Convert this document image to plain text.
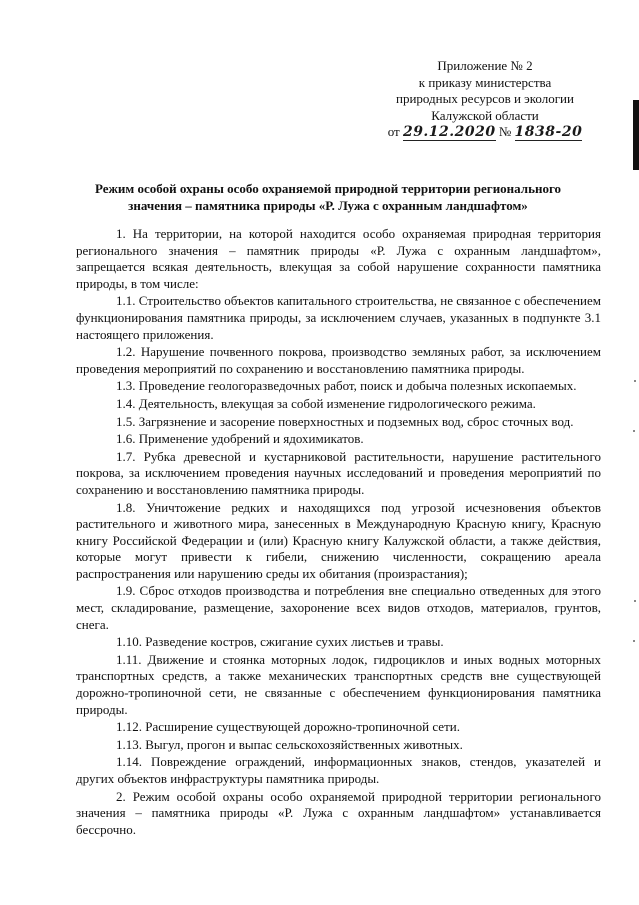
Приложение № 2
к приказу министерства
природных ресурсов и экологии
Калужской области
от 29.12.2020 № 1838-20
Режим особой охраны особо охраняемой природной территории регионального
значения – памятника природы «Р. Лужа с охранным ландшафтом»

1. На территории, на которой находится особо охраняемая природная территория регионального значения – памятник природы «Р. Лужа с охранным ландшафтом», запрещается всякая деятельность, влекущая за собой нарушение сохранности памятника природы, в том числе:

1.1. Строительство объектов капитального строительства, не связанное с обеспечением функционирования памятника природы, за исключением случаев, указанных в подпункте 3.1 настоящего приложения.

1.2. Нарушение почвенного покрова, производство земляных работ, за исключением проведения мероприятий по сохранению и восстановлению памятника природы.

1.3. Проведение геологоразведочных работ, поиск и добыча полезных ископаемых.

1.4. Деятельность, влекущая за собой изменение гидрологического режима.

1.5. Загрязнение и засорение поверхностных и подземных вод, сброс сточных вод.

1.6. Применение удобрений и ядохимикатов.

1.7. Рубка древесной и кустарниковой растительности, нарушение растительного покрова, за исключением проведения научных исследований и проведения мероприятий по сохранению и восстановлению памятника природы.

1.8. Уничтожение редких и находящихся под угрозой исчезновения объектов растительного и животного мира, занесенных в Международную Красную книгу, Красную книгу Российской Федерации и (или) Красную книгу Калужской области, а также действия, которые могут привести к гибели, снижению численности, сокращению ареала распространения или нарушению среды их обитания (произрастания);

1.9. Сброс отходов производства и потребления вне специально отведенных для этого мест, складирование, размещение, захоронение всех видов отходов, материалов, грунтов, снега.

1.10. Разведение костров, сжигание сухих листьев и травы.

1.11. Движение и стоянка моторных лодок, гидроциклов и иных водных моторных транспортных средств, а также механических транспортных средств вне существующей дорожно-тропиночной сети, не связанные с обеспечением функционирования памятника природы.

1.12. Расширение существующей дорожно-тропиночной сети.

1.13. Выгул, прогон и выпас сельскохозяйственных животных.

1.14. Повреждение ограждений, информационных знаков, стендов, указателей и других объектов инфраструктуры памятника природы.

2. Режим особой охраны особо охраняемой природной территории регионального значения – памятника природы «Р. Лужа с охранным ландшафтом» устанавливается бессрочно.
